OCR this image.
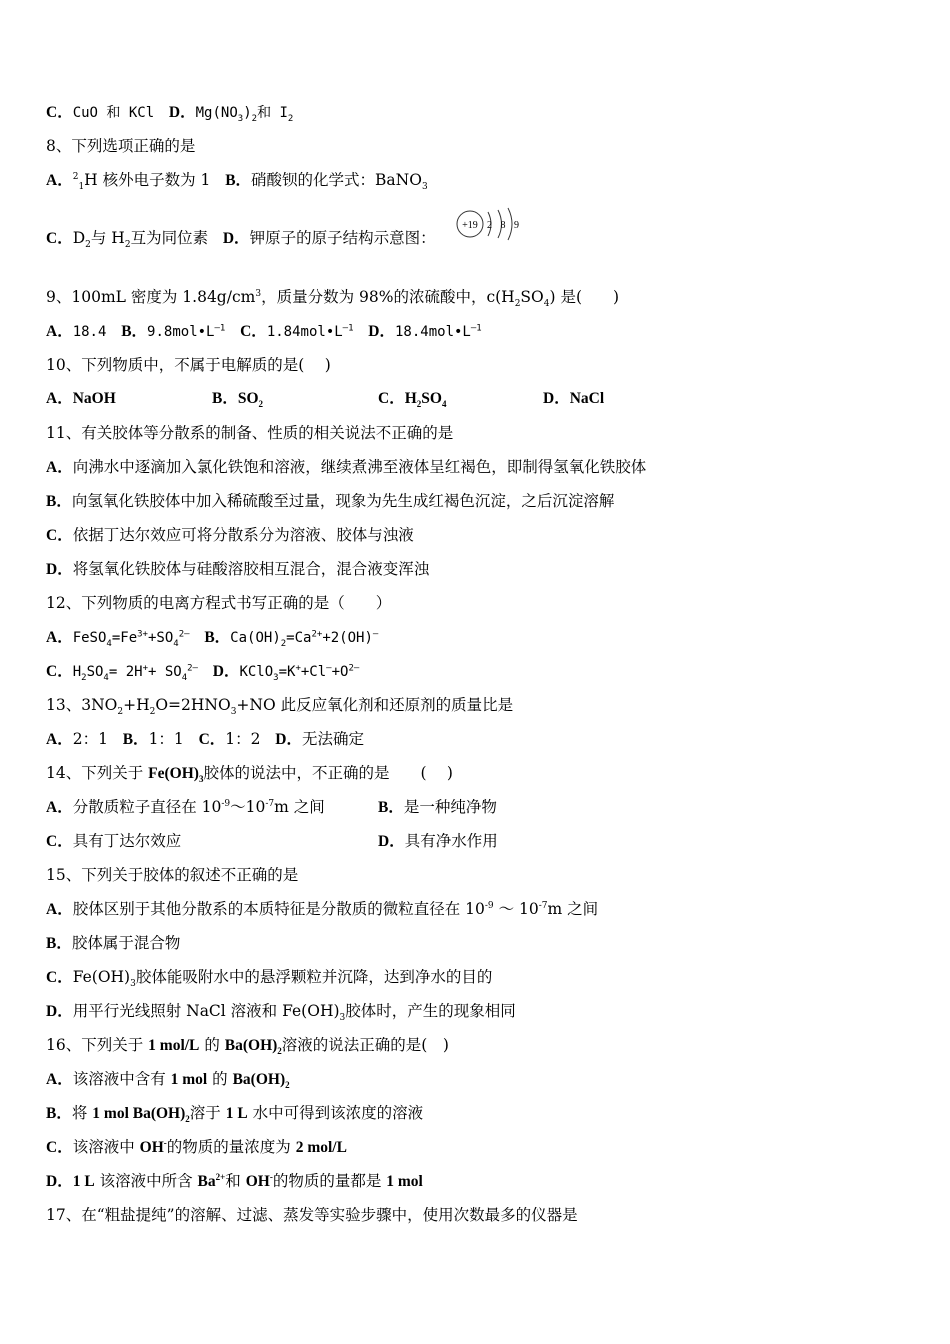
C．CuO 和 KCl D．$Mg(NO_3)_2$和 $I_2$
8、下列选项正确的是
A．$^2_1$H 核外电子数为 1 B．硝酸钡的化学式：BaNO$_3$
C．$D_2$与 $H_2$互为同位素 D．钾原子的原子结构示意图：
+19 2 8 9
9、100mL 密度为 $1.84g/cm^3$，质量分数为 98%的浓硫酸中，$c(H_2SO_4)$ 是(　　)
A．18.4 B．$9.8mol•L^{—1}$ C．$1.84mol•L^{—1}$ D．$18.4mol•L^{—1}$
10、下列物质中，不属于电解质的是(　 )
A．NaOH	B．$SO_2$	C．$H_2SO_4$	D．NaCl
11、有关胶体等分散系的制备、性质的相关说法不正确的是
A．向沸水中逐滴加入氯化铁饱和溶液，继续煮沸至液体呈红褐色，即制得氢氧化铁胶体
B．向氢氧化铁胶体中加入稀硫酸至过量，现象为先生成红褐色沉淀，之后沉淀溶解
C．依据丁达尔效应可将分散系分为溶液、胶体与浊液
D．将氢氧化铁胶体与硅酸溶胶相互混合，混合液变浑浊
12、下列物质的电离方程式书写正确的是（　　）
A．$FeSO_4=Fe^{3+}+SO_4^{2—}$ B．$Ca(OH)_2=Ca^{2+}+2(OH)^—$
C．$H_2SO_4= 2H^++ SO_4^{2—}$ D．$KClO_3=K^++Cl^—+O^{2—}$
13、$3NO_2+H_2O=2HNO_3+NO$ 此反应氧化剂和还原剂的质量比是
A．2：1 B．1：1 C．1：2 D．无法确定
14、下列关于 $Fe(OH)_3$胶体的说法中，不正确的是　　(　 )
A．分散质粒子直径在 $10^{-9}\sim 10^{-7}m$ 之间	B．是一种纯净物
C．具有丁达尔效应	D．具有净水作用
15、下列关于胶体的叙述不正确的是
A．胶体区别于其他分散系的本质特征是分散质的微粒直径在 $10^{-9}$ ～ $10^{-7}m$ 之间
B．胶体属于混合物
C．$Fe(OH)_3$胶体能吸附水中的悬浮颗粒并沉降，达到净水的目的
D．用平行光线照射 NaCl 溶液和 $Fe(OH)_3$胶体时，产生的现象相同
16、下列关于 1 mol/L 的 $Ba(OH)_2$溶液的说法正确的是(　)
A．该溶液中含有 1 mol 的 $Ba(OH)_2$
B．将 1 mol $Ba(OH)_2$溶于 1 L 水中可得到该浓度的溶液
C．该溶液中 OH-的物质的量浓度为 2 mol/L
D．1 L 该溶液中所含 $Ba^{2+}$和 OH-的物质的量都是 1 mol
17、在“粗盐提纯”的溶解、过滤、蒸发等实验步骤中，使用次数最多的仪器是
